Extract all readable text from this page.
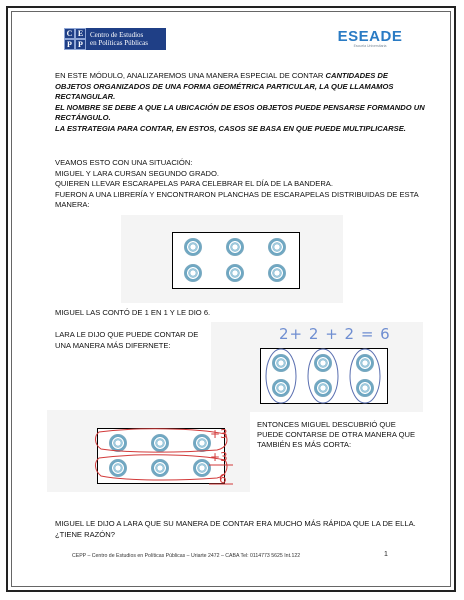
C E
P P
Centro de Estudios
en Políticas Públicas	ESEADE
Escuela Universitaria
EN ESTE MÓDULO, ANALIZAREMOS UNA MANERA ESPECIAL DE CONTAR CANTIDADES DE OBJETOS ORGANIZADOS DE UNA FORMA GEOMÉTRICA PARTICULAR, LA QUE LLAMAMOS RECTANGULAR.
EL NOMBRE SE DEBE A QUE LA UBICACIÓN DE ESOS OBJETOS PUEDE PENSARSE FORMANDO UN RECTÁNGULO.
LA ESTRATEGIA PARA CONTAR, EN ESTOS, CASOS SE BASA EN QUE PUEDE MULTIPLICARSE.
VEAMOS ESTO CON UNA SITUACIÓN:
MIGUEL Y LARA CURSAN SEGUNDO GRADO.
QUIEREN LLEVAR ESCARAPELAS PARA CELEBRAR EL DÍA DE LA BANDERA.
FUERON A UNA LIBRERÍA Y ENCONTRARON PLANCHAS DE ESCARAPELAS DISTRIBUIDAS DE ESTA MANERA:
MIGUEL LAS CONTÓ DE 1 EN 1 Y LE DIO 6.
LARA LE DIJO QUE PUEDE CONTAR DE UNA MANERA MÁS DIFERNETE:
2+ 2 + 2 = 6
+3
+3
6
ENTONCES MIGUEL DESCUBRIÓ QUE PUEDE CONTARSE DE OTRA MANERA QUE TAMBIÉN ES MÁS CORTA:
MIGUEL LE DIJO A LARA QUE SU MANERA DE CONTAR ERA MUCHO MÁS RÁPIDA QUE LA DE ELLA. ¿TIENE RAZÓN?
CEPP – Centro de Estudios en Políticas Públicas – Uriarte 2472 – CABA Tel: 0114773 5625 Int.122	1
